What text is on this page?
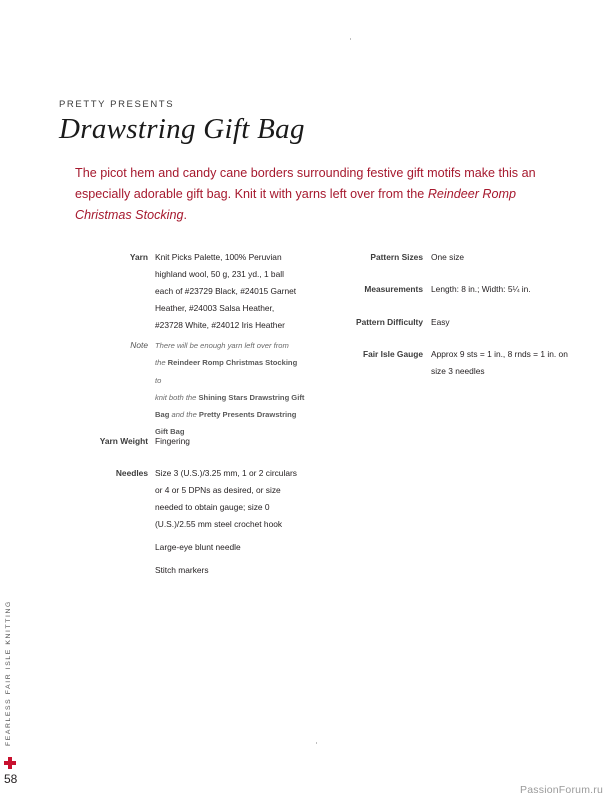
PRETTY PRESENTS
Drawstring Gift Bag

The picot hem and candy cane borders surrounding festive gift motifs make this an especially adorable gift bag. Knit it with yarns left over from the Reindeer Romp Christmas Stocking.

Yarn Knit Picks Palette, 100% Peruvian
highland wool, 50 g, 231 yd., 1 ball
each of #23729 Black, #24015 Garnet
Heather, #24003 Salsa Heather,
#23728 White, #24012 Iris Heather
Note There will be enough yarn left over from
the Reindeer Romp Christmas Stocking to
knit both the Shining Stars Drawstring Gift
Bag and the Pretty Presents Drawstring
Gift Bag
Yarn Weight Fingering
Needles Size 3 (U.S.)/3.25 mm, 1 or 2 circulars
or 4 or 5 DPNs as desired, or size
needed to obtain gauge; size 0
(U.S.)/2.55 mm steel crochet hook
Large-eye blunt needle
Stitch markers
Pattern Sizes One size
Measurements Length: 8 in.; Width: 5¼ in.
Pattern Difficulty Easy
Fair Isle Gauge Approx 9 sts = 1 in., 8 rnds = 1 in. on
size 3 needles
FEARLESS FAIR ISLE KNITTING
58
PassionForum.ru
